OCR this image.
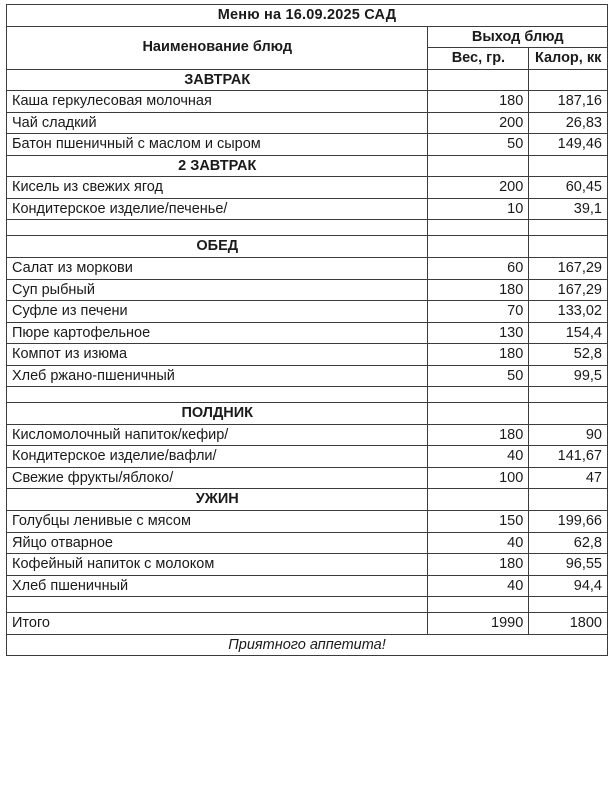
Меню на 16.09.2025 САД		
Наименование блюд	Выход блюд	
	Вес, гр.	Калор, кк
ЗАВТРАК		
Каша геркулесовая молочная	180	187,16
Чай сладкий	200	26,83
Батон пшеничный с маслом и сыром	50	149,46
2 ЗАВТРАК		
Кисель из свежих ягод	200	60,45
Кондитерское изделие/печенье/	10	39,1

ОБЕД		
Салат из моркови	60	167,29
Суп рыбный	180	167,29
Суфле из печени	70	133,02
Пюре картофельное	130	154,4
Компот из изюма	180	52,8
Хлеб ржано-пшеничный	50	99,5

ПОЛДНИК		
Кисломолочный напиток/кефир/	180	90
Кондитерское изделие/вафли/	40	141,67
Свежие фрукты/яблоко/	100	47
УЖИН		
Голубцы ленивые с мясом	150	199,66
Яйцо отварное	40	62,8
Кофейный напиток с молоком	180	96,55
Хлеб пшеничный	40	94,4

Итого	1990	1800
Приятного аппетита!		
